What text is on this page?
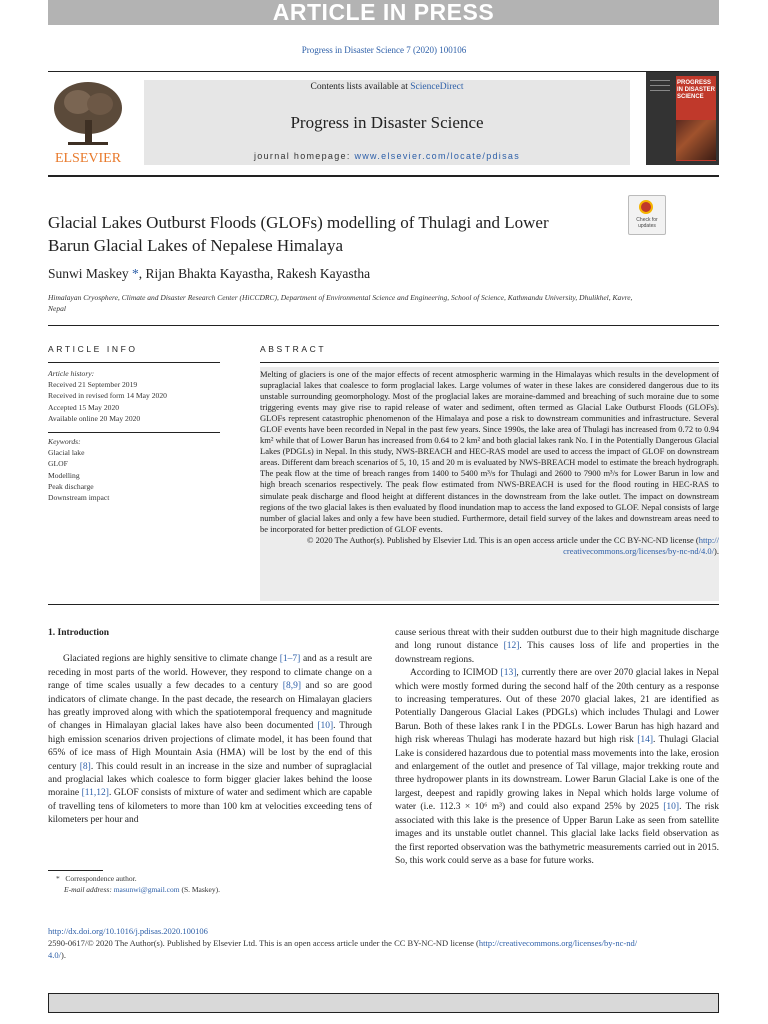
ARTICLE IN PRESS
Progress in Disaster Science 7 (2020) 100106
ELSEVIER
Contents lists available at ScienceDirect
Progress in Disaster Science
journal homepage: www.elsevier.com/locate/pdisas
PROGRESS IN DISASTER SCIENCE
Check for updates
Glacial Lakes Outburst Floods (GLOFs) modelling of Thulagi and Lower
Barun Glacial Lakes of Nepalese Himalaya
Sunwi Maskey *, Rijan Bhakta Kayastha, Rakesh Kayastha
Himalayan Cryosphere, Climate and Disaster Research Center (HiCCDRC), Department of Environmental Science and Engineering, School of Science, Kathmandu University, Dhulikhel, Kavre, Nepal
ARTICLE INFO
Article history:
Received 21 September 2019
Received in revised form 14 May 2020
Accepted 15 May 2020
Available online 20 May 2020
Keywords:
Glacial lake
GLOF
Modelling
Peak discharge
Downstream impact
ABSTRACT

Melting of glaciers is one of the major effects of recent atmospheric warming in the Himalayas which results in the development of supraglacial lakes that coalesce to form proglacial lakes. Large volumes of water in these lakes are considered dangerous due to its unstable surrounding geomorphology. Most of the proglacial lakes are moraine-dammed and breaching of such moraine due to some triggering events may give rise to rapid release of water and sediment, often termed as Glacial Lake Outburst Floods (GLOFs). GLOFs represent catastrophic phenomenon of the Himalaya and pose a risk to downstream communities and infrastructure. Several GLOF events have been recorded in Nepal in the past few years. Since 1990s, the lake area of Thulagi has increased from 0.72 to 0.94 km² while that of Lower Barun has increased from 0.64 to 2 km² and both glacial lakes rank No. I in the Potentially Dangerous Glacial Lakes (PDGLs) in Nepal. In this study, NWS-BREACH and HEC-RAS model are used to access the impact of GLOF on downstream areas. Different dam breach scenarios of 5, 10, 15 and 20 m is evaluated by NWS-BREACH model to estimate the breach hydrograph. The peak flow at the time of breach ranges from 1400 to 5400 m³/s for Thulagi and 2600 to 7900 m³/s for Lower Barun in low and high breach scenarios respectively. The peak flow estimated from NWS-BREACH is used for the flood routing in HEC-RAS to simulate peak discharge and flood height at different distances in the downstream from the lake outlet. The impact on downstream regions of the two glacial lakes is then evaluated by flood inundation map to access the land exposed to GLOF. Nepal consists of large number of glacial lakes and only a few have been studied. Furthermore, detail field survey of the lakes and downstream areas need to be incorporated for better prediction of GLOF events.

© 2020 The Author(s). Published by Elsevier Ltd. This is an open access article under the CC BY-NC-ND license (http:// creativecommons.org/licenses/by-nc-nd/4.0/).

1. Introduction

Glaciated regions are highly sensitive to climate change [1–7] and as a result are receding in most parts of the world. However, they respond to climate change on a range of time scales usually a few decades to a century [8,9] and so are good indicators of climate change. In the past decade, the research on Himalayan glaciers has greatly improved along with which the spatiotemporal frequency and magnitude of changes in Himalayan glacial lakes have also been documented [10]. Through high emission scenarios driven projections of climate model, it has been found that 65% of ice mass of High Mountain Asia (HMA) will be lost by the end of this century [8]. This could result in an increase in the size and number of supraglacial and proglacial lakes which coalesce to form bigger glacier lakes behind the loose moraine [11,12]. GLOF consists of mixture of water and sediment which are capable of travelling tens of kilometers to more than 100 km at velocities exceeding tens of kilometers per hour and

cause serious threat with their sudden outburst due to their high magnitude discharge and long runout distance [12]. This causes loss of life and properties in the downstream regions.

According to ICIMOD [13], currently there are over 2070 glacial lakes in Nepal which were mostly formed during the second half of the 20th century as a response to increasing temperatures. Out of these 2070 glacial lakes, 21 are identified as Potentially Dangerous Glacial Lakes (PDGLs) which includes Thulagi and Lower Barun. Both of these lakes rank I in the PDGLs. Lower Barun has high hazard and high risk whereas Thulagi has moderate hazard but high risk [14]. Thulagi Glacial Lake is considered hazardous due to potential mass movements into the lake, erosion and enlargement of the outlet and presence of Tal village, major trekking route and three hydropower plants in its downstream. Lower Barun Glacial Lake is one of the largest, deepest and rapidly growing lakes in Nepal which holds large volume of water (i.e. 112.3 × 10⁶ m³) and could also expand 25% by 2025 [10]. The risk associated with this lake is the presence of Upper Barun Lake as seen from satellite images and its unstable outlet channel. This glacial lake lacks field observation as the first reported observation was the bathymetric measurements carried out in 2015. So, this work could serve as a base for future works.

* Correspondence author.
E-mail address: masunwi@gmail.com (S. Maskey).
http://dx.doi.org/10.1016/j.pdisas.2020.100106
2590-0617/© 2020 The Author(s). Published by Elsevier Ltd. This is an open access article under the CC BY-NC-ND license (http://creativecommons.org/licenses/by-nc-nd/
4.0/).
